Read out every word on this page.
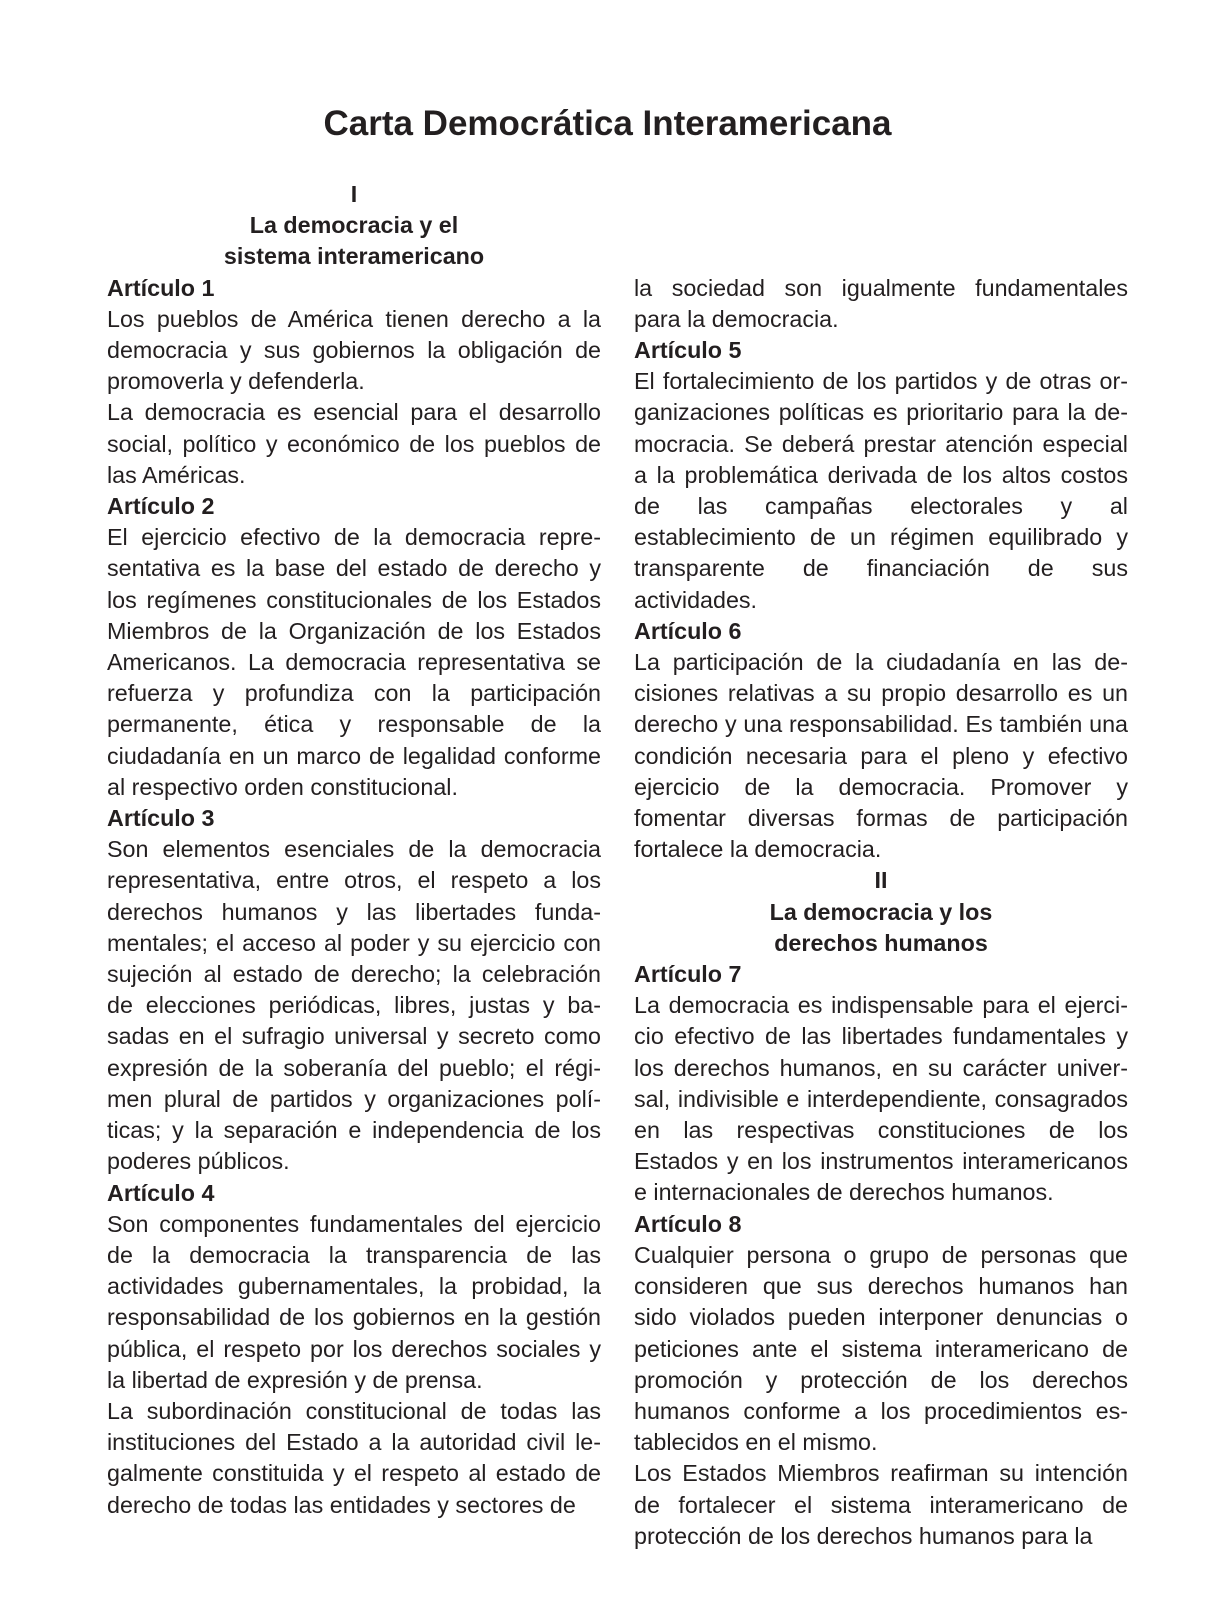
Carta Democrática Interamericana
I
La democracia y el
sistema interamericano
Artículo 1

Los pueblos de América tienen derecho a la democracia y sus gobiernos la obligación de promoverla y defenderla.

La democracia es esencial para el desarrollo social, político y económico de los pueblos de las Américas.

Artículo 2

El ejercicio efectivo de la democracia representativa es la base del estado de derecho y los regímenes constitucionales de los Estados Miembros de la Organización de los Estados Americanos. La democracia representativa se refuerza y profundiza con la participación permanente, ética y responsable de la ciudadanía en un marco de legalidad conforme al respectivo orden constitucional.

Artículo 3

Son elementos esenciales de la democracia representativa, entre otros, el respeto a los derechos humanos y las libertades fundamentales; el acceso al poder y su ejercicio con sujeción al estado de derecho; la celebración de elecciones periódicas, libres, justas y basadas en el sufragio universal y secreto como expresión de la soberanía del pueblo; el régimen plural de partidos y organizaciones políticas; y la separación e independencia de los poderes públicos.

Artículo 4

Son componentes fundamentales del ejercicio de la democracia la transparencia de las actividades gubernamentales, la probidad, la responsabilidad de los gobiernos en la gestión pública, el respeto por los derechos sociales y la libertad de expresión y de prensa.

La subordinación constitucional de todas las instituciones del Estado a la autoridad civil legalmente constituida y el respeto al estado de derecho de todas las entidades y sectores de

la sociedad son igualmente fundamentales para la democracia.

Artículo 5

El fortalecimiento de los partidos y de otras organizaciones políticas es prioritario para la democracia. Se deberá prestar atención especial a la problemática derivada de los altos costos de las campañas electorales y al establecimiento de un régimen equilibrado y transparente de financiación de sus actividades.

Artículo 6

La participación de la ciudadanía en las decisiones relativas a su propio desarrollo es un derecho y una responsabilidad. Es también una condición necesaria para el pleno y efectivo ejercicio de la democracia. Promover y fomentar diversas formas de participación fortalece la democracia.

II
La democracia y los
derechos humanos
Artículo 7

La democracia es indispensable para el ejercicio efectivo de las libertades fundamentales y los derechos humanos, en su carácter universal, indivisible e interdependiente, consagrados en las respectivas constituciones de los Estados y en los instrumentos interamericanos e internacionales de derechos humanos.

Artículo 8

Cualquier persona o grupo de personas que consideren que sus derechos humanos han sido violados pueden interponer denuncias o peticiones ante el sistema interamericano de promoción y protección de los derechos humanos conforme a los procedimientos establecidos en el mismo.

Los Estados Miembros reafirman su intención de fortalecer el sistema interamericano de protección de los derechos humanos para la
